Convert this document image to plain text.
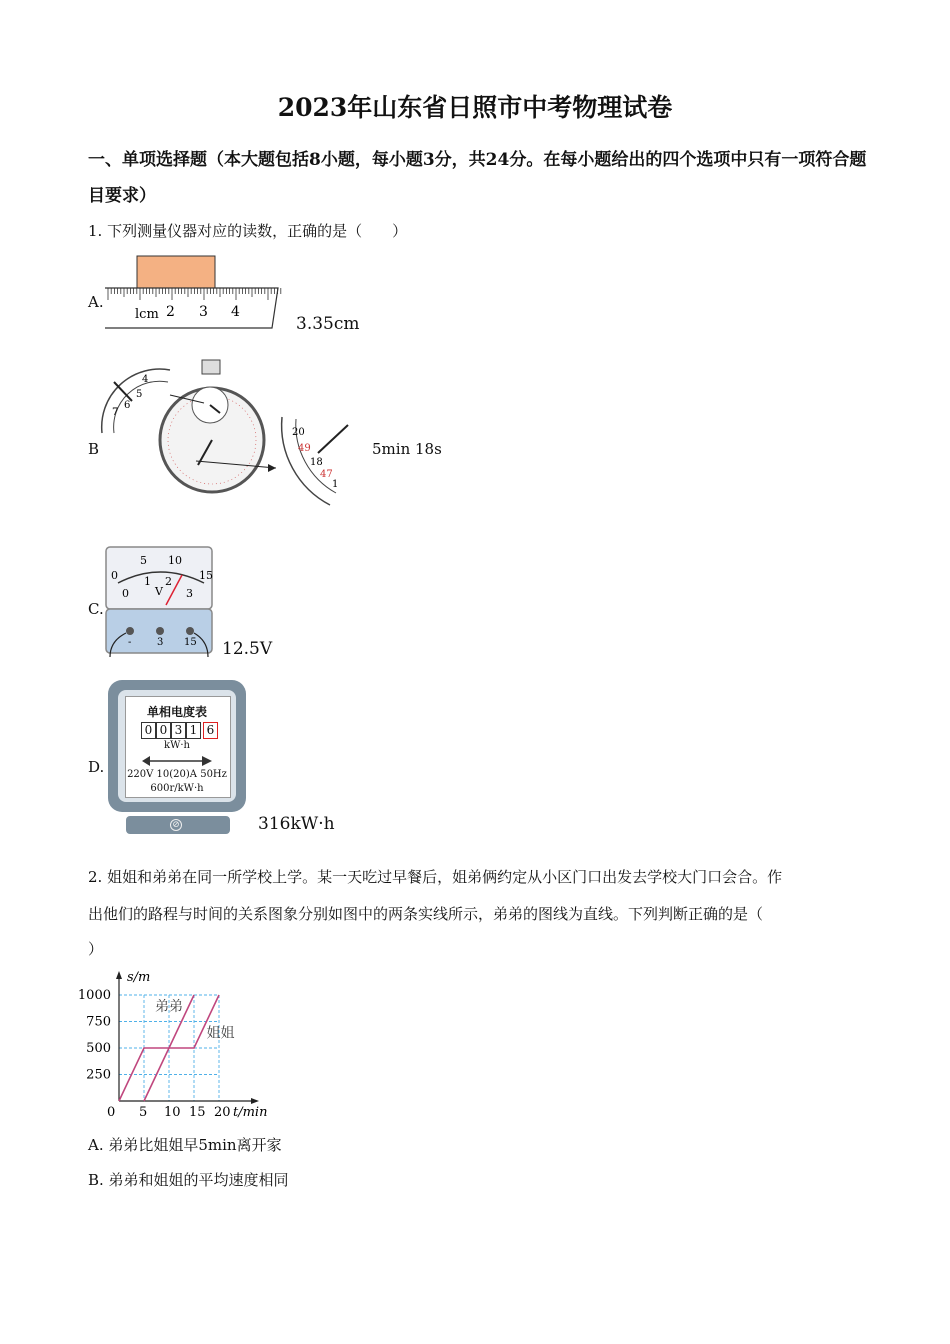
2023年山东省日照市中考物理试卷
一、单项选择题（本大题包括8小题，每小题3分，共24分。在每小题给出的四个选项中只有一项符合题目要求）
1. 下列测量仪器对应的读数，正确的是（　　）
A.
lcm 2 3 4
3.35cm
B
4
5
6
7
20
49
18
47
1
5min 18s
C.
0
5 10
15
0
1 2
3
V
-	3 15 12.5V
D.
单相电度表
0 0 3 1 6
kW·h
220V 10(20)A 50Hz
600r/kW·h
⊘	316kW·h
2. 姐姐和弟弟在同一所学校上学。某一天吃过早餐后，姐弟俩约定从小区门口出发去学校大门口会合。作
出他们的路程与时间的关系图象分别如图中的两条实线所示，弟弟的图线为直线。下列判断正确的是（
）
0 5 10 15 20
250
500
750
1000
t/min
s/m
弟弟
姐姐
A. 弟弟比姐姐早5min离开家
B. 弟弟和姐姐的平均速度相同
